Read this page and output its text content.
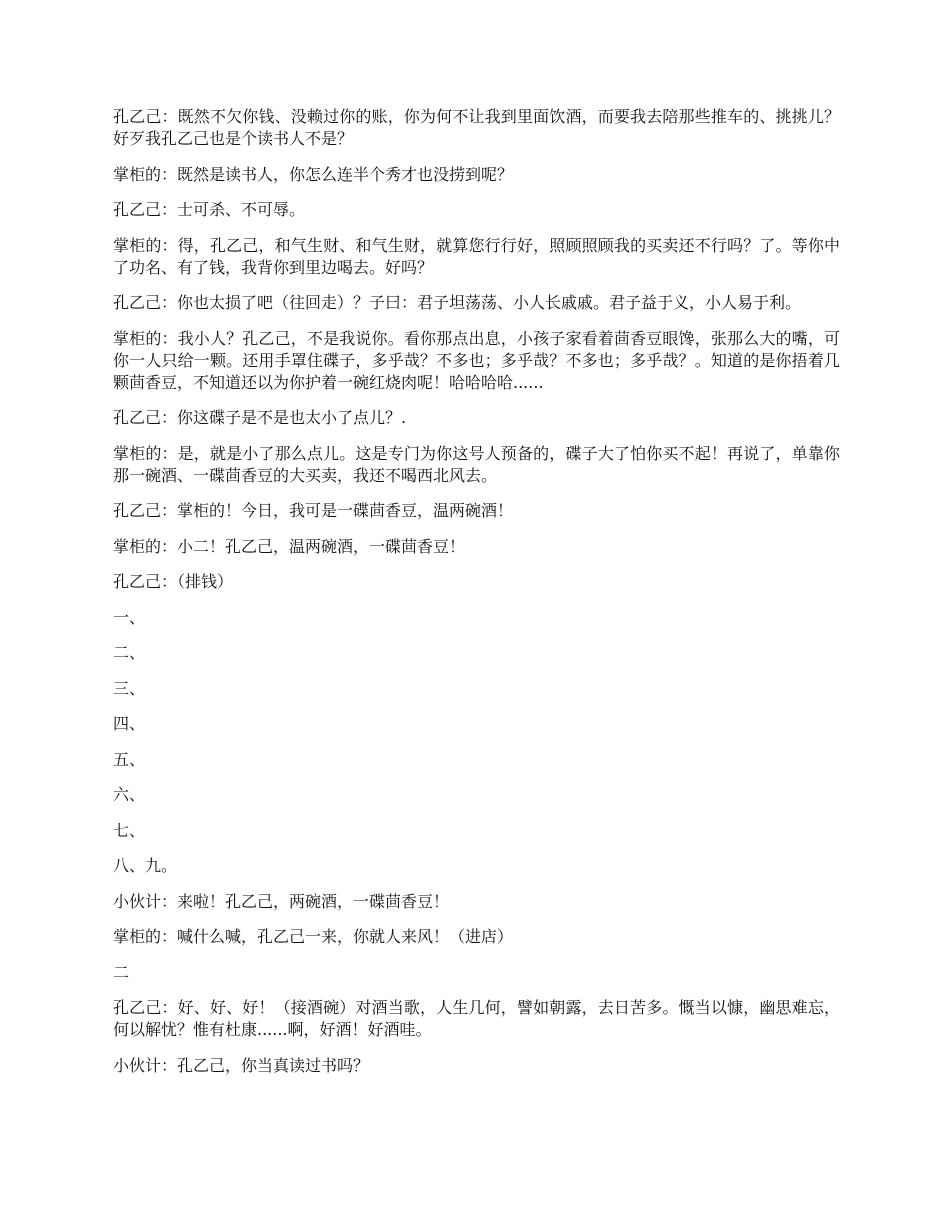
孔乙己：既然不欠你钱、没赖过你的账，你为何不让我到里面饮酒，而要我去陪那些推车的、挑挑儿？好歹我孔乙己也是个读书人不是？

掌柜的：既然是读书人，你怎么连半个秀才也没捞到呢？

孔乙己：士可杀、不可辱。

掌柜的：得，孔乙己，和气生财、和气生财，就算您行行好，照顾照顾我的买卖还不行吗？了。等你中了功名、有了钱，我背你到里边喝去。好吗？

孔乙己：你也太损了吧（往回走）？子曰：君子坦荡荡、小人长戚戚。君子益于义，小人易于利。

掌柜的：我小人？孔乙己，不是我说你。看你那点出息，小孩子家看着茴香豆眼馋，张那么大的嘴，可你一人只给一颗。还用手罩住碟子，多乎哉？不多也；多乎哉？不多也；多乎哉？。知道的是你捂着几颗茴香豆，不知道还以为你护着一碗红烧肉呢！哈哈哈哈......

孔乙己：你这碟子是不是也太小了点儿？.

掌柜的：是，就是小了那么点儿。这是专门为你这号人预备的，碟子大了怕你买不起！再说了，单靠你那一碗酒、一碟茴香豆的大买卖，我还不喝西北风去。

孔乙己：掌柜的！今日，我可是一碟茴香豆，温两碗酒！

掌柜的：小二！孔乙己，温两碗酒，一碟茴香豆！

孔乙己：（排钱）

一、

二、

三、

四、

五、

六、

七、

八、九。

小伙计：来啦！孔乙己，两碗酒，一碟茴香豆！

掌柜的：喊什么喊，孔乙己一来，你就人来风！（进店）

二

孔乙己：好、好、好！（接酒碗）对酒当歌，人生几何，譬如朝露，去日苦多。慨当以慷，幽思难忘，何以解忧？惟有杜康......啊，好酒！好酒哇。

小伙计：孔乙己，你当真读过书吗？
